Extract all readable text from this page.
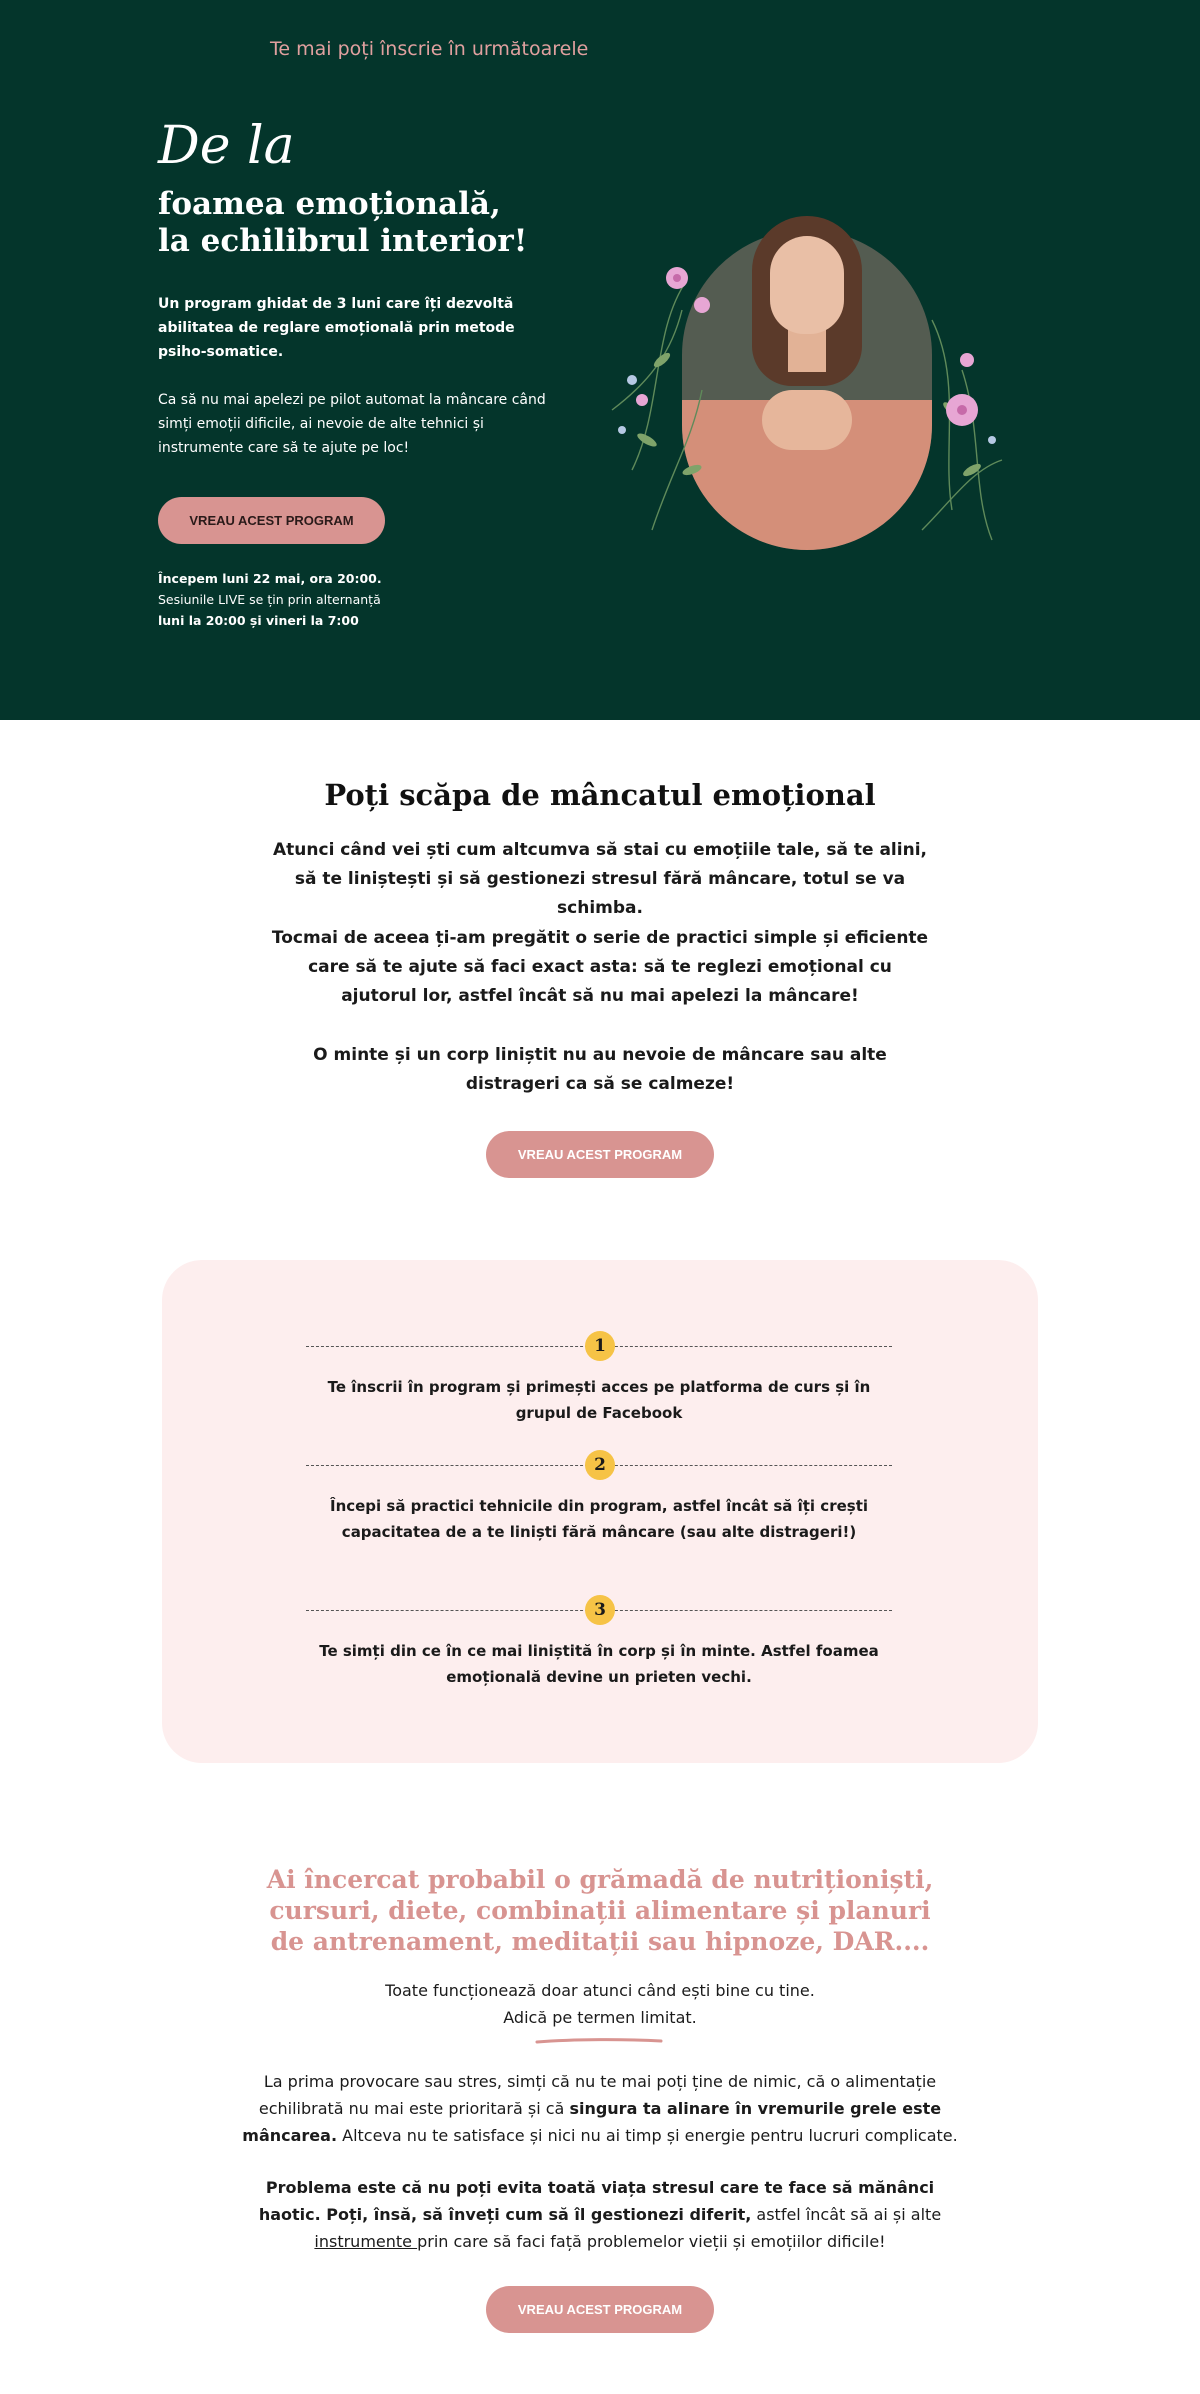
Te mai poți înscrie în următoarele
De la
foamea emoțională,
la echilibrul interior!

Un program ghidat de 3 luni care îți dezvoltă abilitatea de reglare emoțională prin metode psiho-somatice.

Ca să nu mai apelezi pe pilot automat la mâncare când simți emoții dificile, ai nevoie de alte tehnici și instrumente care să te ajute pe loc!

VREAU ACEST PROGRAM
Începem luni 22 mai, ora 20:00.
Sesiunile LIVE se țin prin alternanță
luni la 20:00 și vineri la 7:00
Poți scăpa de mâncatul emoțional

Atunci când vei ști cum altcumva să stai cu emoțiile tale, să te alini, să te liniștești și să gestionezi stresul fără mâncare, totul se va schimba.

Tocmai de aceea ți-am pregătit o serie de practici simple și eficiente care să te ajute să faci exact asta: să te reglezi emoțional cu ajutorul lor, astfel încât să nu mai apelezi la mâncare!

O minte și un corp liniștit nu au nevoie de mâncare sau alte distrageri ca să se calmeze!

VREAU ACEST PROGRAM
1

Te înscrii în program și primești acces pe platforma de curs și în grupul de Facebook

2

Începi să practici tehnicile din program, astfel încât să îți crești capacitatea de a te liniști fără mâncare (sau alte distrageri!)

3

Te simți din ce în ce mai liniștită în corp și în minte. Astfel foamea emoțională devine un prieten vechi.

Ai încercat probabil o grămadă de nutriționiști, cursuri, diete, combinații alimentare și planuri de antrenament, meditații sau hipnoze, DAR....

Toate funcționează doar atunci când ești bine cu tine.

Adică pe termen limitat.

La prima provocare sau stres, simți că nu te mai poți ține de nimic, că o alimentație echilibrată nu mai este prioritară și că singura ta alinare în vremurile grele este mâncarea. Altceva nu te satisface și nici nu ai timp și energie pentru lucruri complicate.

Problema este că nu poți evita toată viața stresul care te face să mănânci haotic. Poți, însă, să înveți cum să îl gestionezi diferit, astfel încât să ai și alte instrumente prin care să faci față problemelor vieții și emoțiilor dificile!

VREAU ACEST PROGRAM
